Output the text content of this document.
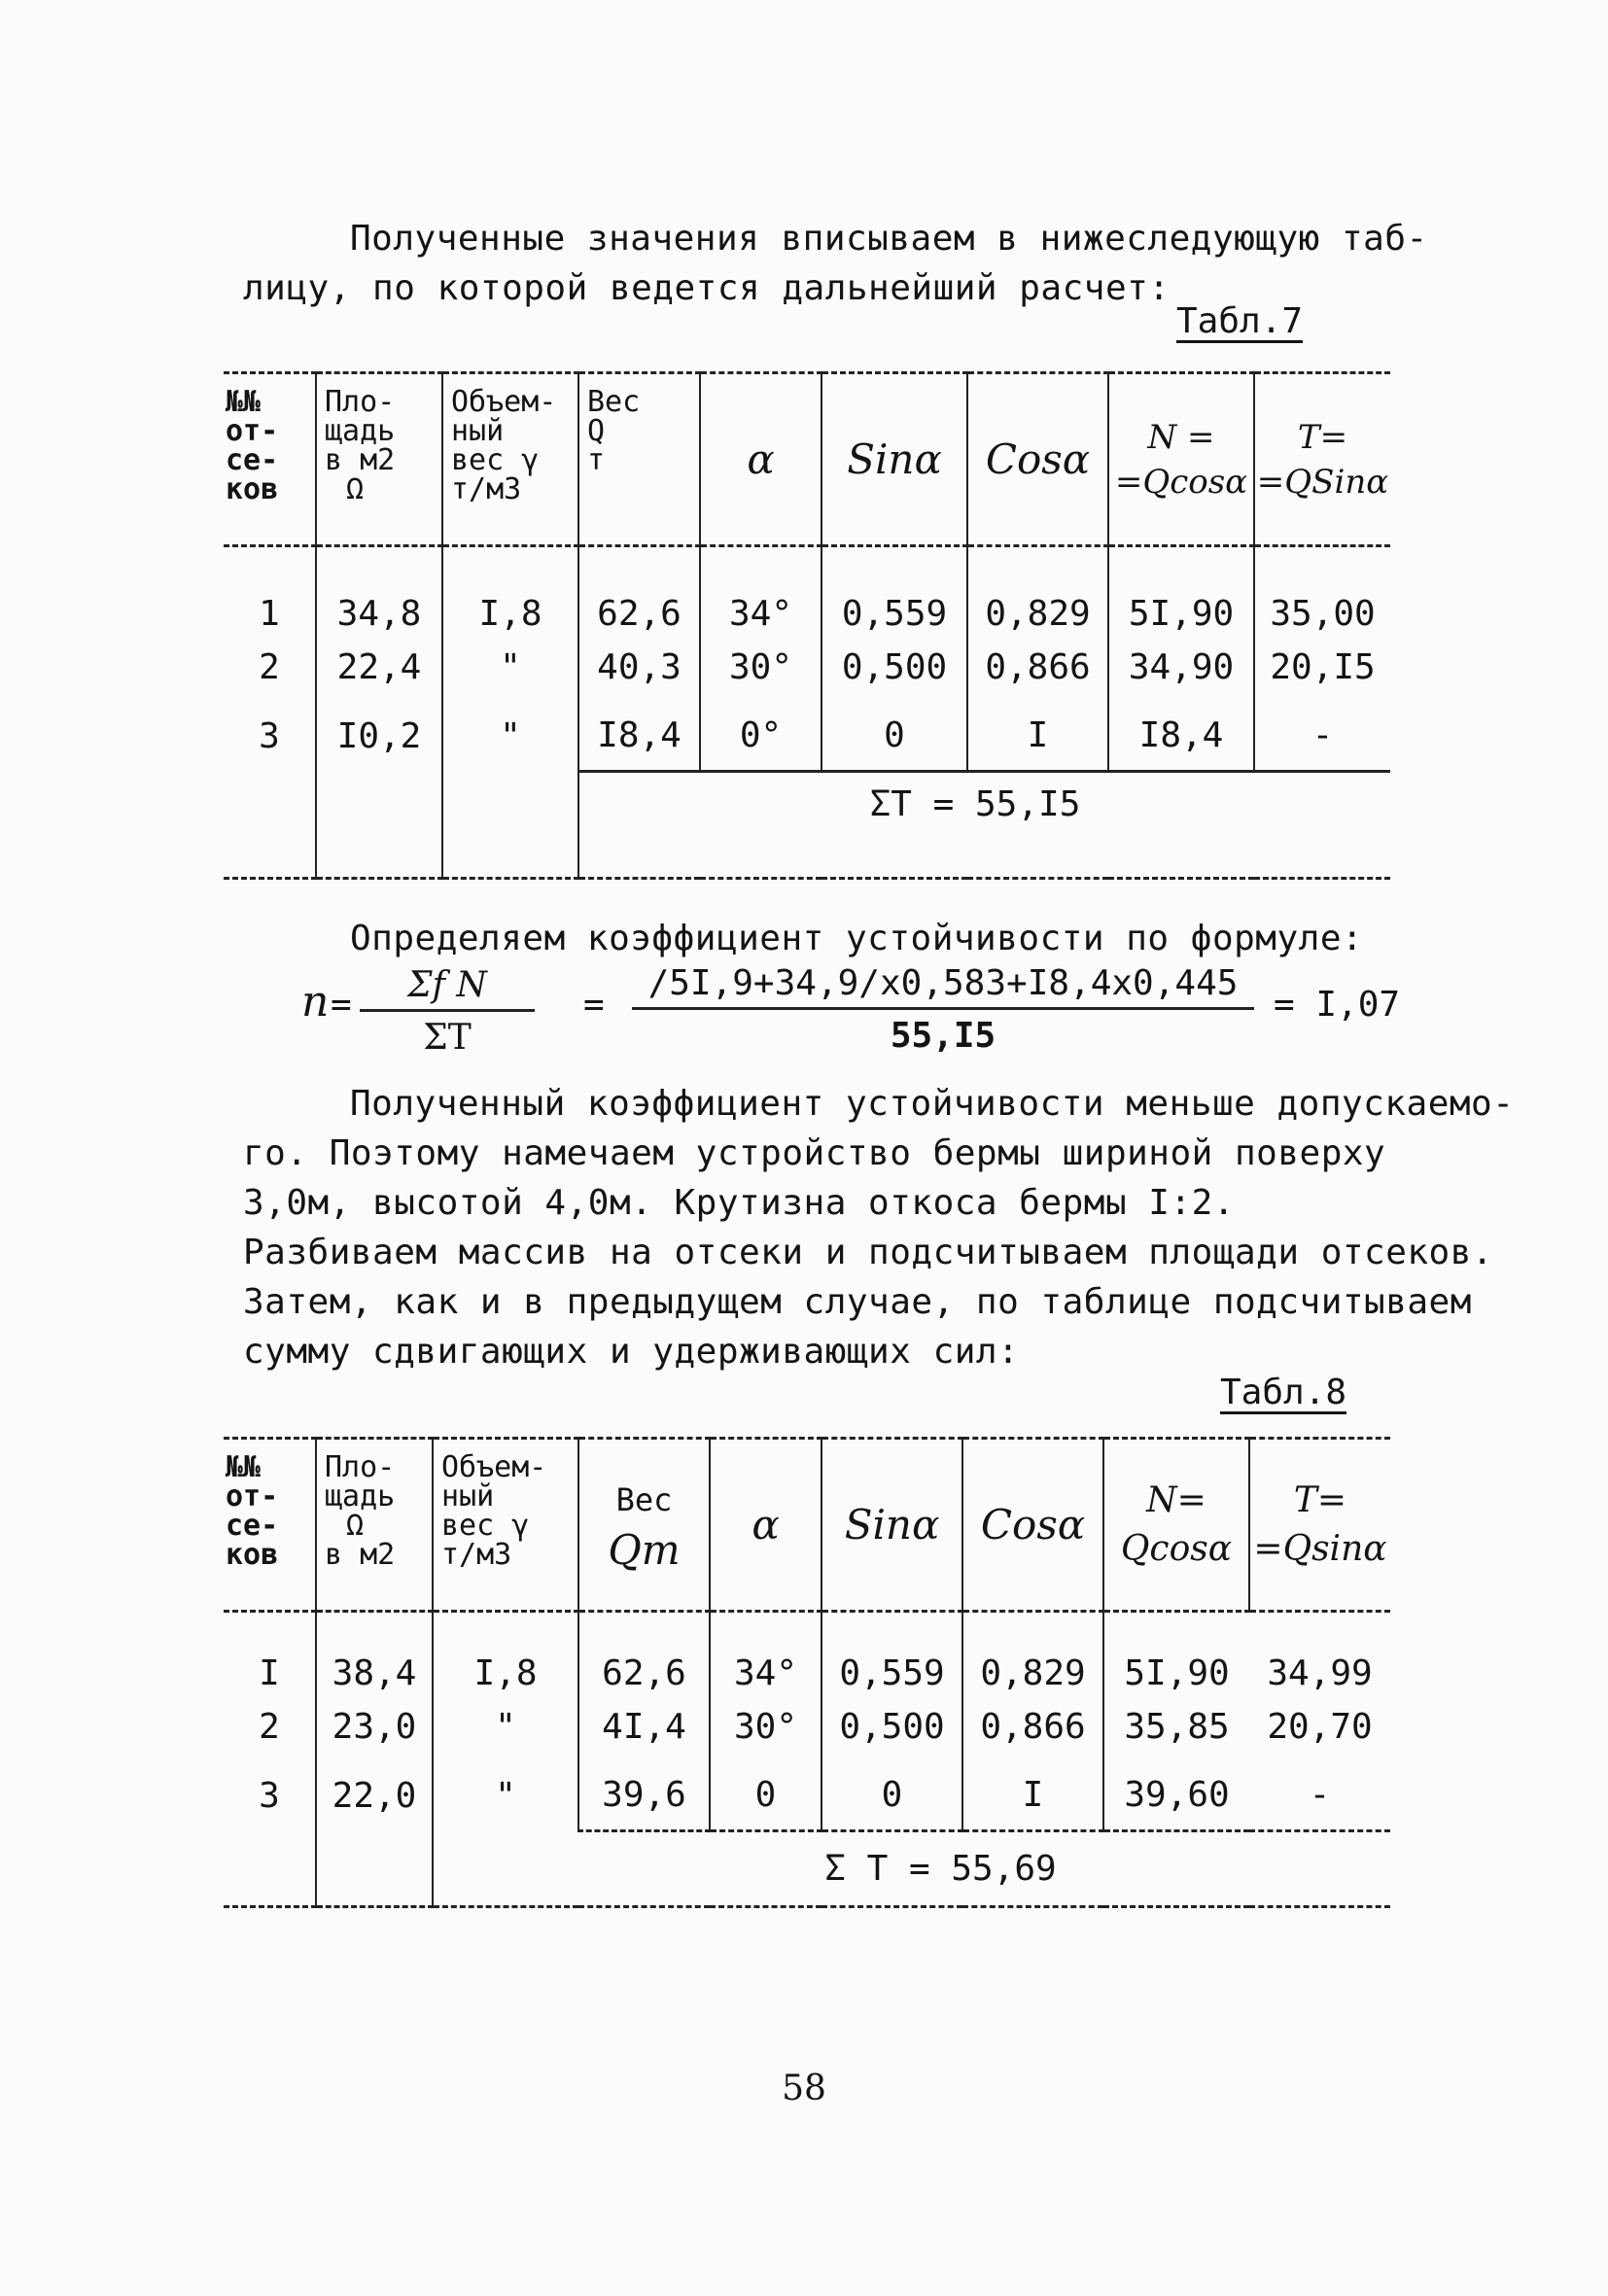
Полученные значения вписываем в нижеследующую таб-
лицу, по которой ведется дальнейший расчет:
Табл.7
№№
от-
се-
ков	Пло-
щадь
в м2
Ω	Объем-
ный
вес γ
т/м3	Вес
Q
т	α	Sinα	Cosα	N =
=Qcosα	T=
=QSinα

1	34,8	I,8	62,6	34°	0,559	0,829	5I,90	35,00
2	22,4	"	40,3	30°	0,500	0,866	34,90	20,I5
3	I0,2	"	I8,4	0°	0	I	I8,4	-
			ΣT = 55,I5					
Определяем коэффициент устойчивости по формуле:
$n = \frac{\text{Σf N}}{\Sigma T} = \frac{/5I,9+34,9/x0,583+I8,4x0,445}{55,I5} = I,07$
Полученный коэффициент устойчивости меньше допускаемо-
го. Поэтому намечаем устройство бермы шириной поверху
3,0м, высотой 4,0м. Крутизна откоса бермы I:2.
Разбиваем массив на отсеки и подсчитываем площади отсеков.
Затем, как и в предыдущем случае, по таблице подсчитываем
сумму сдвигающих и удерживающих сил:
Табл.8
№№
от-
се-
ков	Пло-
щадь
Ω
в м2	Объем-
ный
вес γ
т/м3	Вес
Qm	α	Sinα	Cosα	N=
Qcosα	T=
=Qsinα

I	38,4	I,8	62,6	34°	0,559	0,829	5I,90	34,99
2	23,0	"	4I,4	30°	0,500	0,866	35,85	20,70
3	22,0	"	39,6	0	0	I	39,60	-
			Σ T = 55,69					
58
